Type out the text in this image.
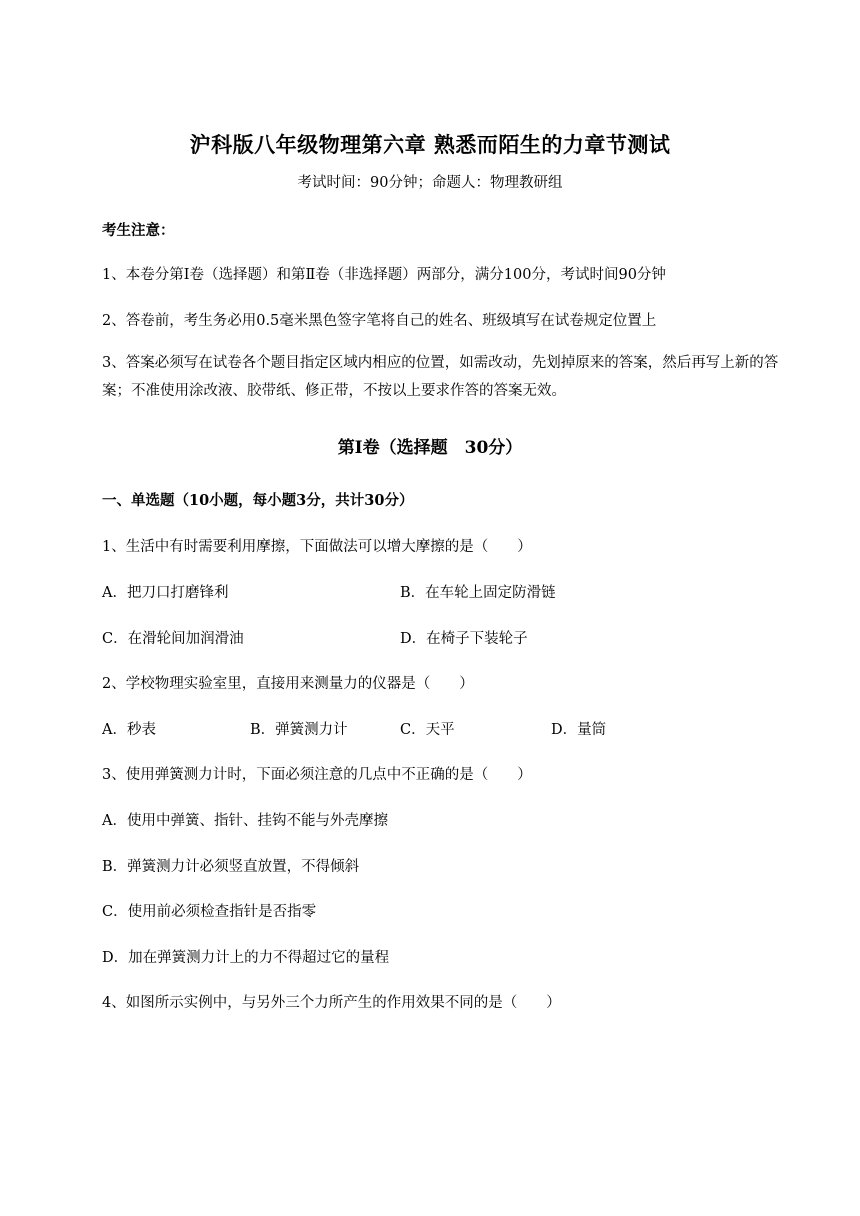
沪科版八年级物理第六章 熟悉而陌生的力章节测试
考试时间：90分钟；命题人：物理教研组
考生注意：
1、本卷分第Ⅰ卷（选择题）和第Ⅱ卷（非选择题）两部分，满分100分，考试时间90分钟
2、答卷前，考生务必用0.5毫米黑色签字笔将自己的姓名、班级填写在试卷规定位置上
3、答案必须写在试卷各个题目指定区域内相应的位置，如需改动，先划掉原来的答案，然后再写上新的答案；不准使用涂改液、胶带纸、修正带，不按以上要求作答的答案无效。
第Ⅰ卷（选择题　30分）
一、单选题（10小题，每小题3分，共计30分）
1、生活中有时需要利用摩擦，下面做法可以增大摩擦的是（　　）
A．把刀口打磨锋利	B．在车轮上固定防滑链
C．在滑轮间加润滑油	D．在椅子下装轮子
2、学校物理实验室里，直接用来测量力的仪器是（　　）
A．秒表	B．弹簧测力计	C．天平	D．量筒
3、使用弹簧测力计时，下面必须注意的几点中不正确的是（　　）
A．使用中弹簧、指针、挂钩不能与外壳摩擦
B．弹簧测力计必须竖直放置，不得倾斜
C．使用前必须检查指针是否指零
D．加在弹簧测力计上的力不得超过它的量程
4、如图所示实例中，与另外三个力所产生的作用效果不同的是（　　）
